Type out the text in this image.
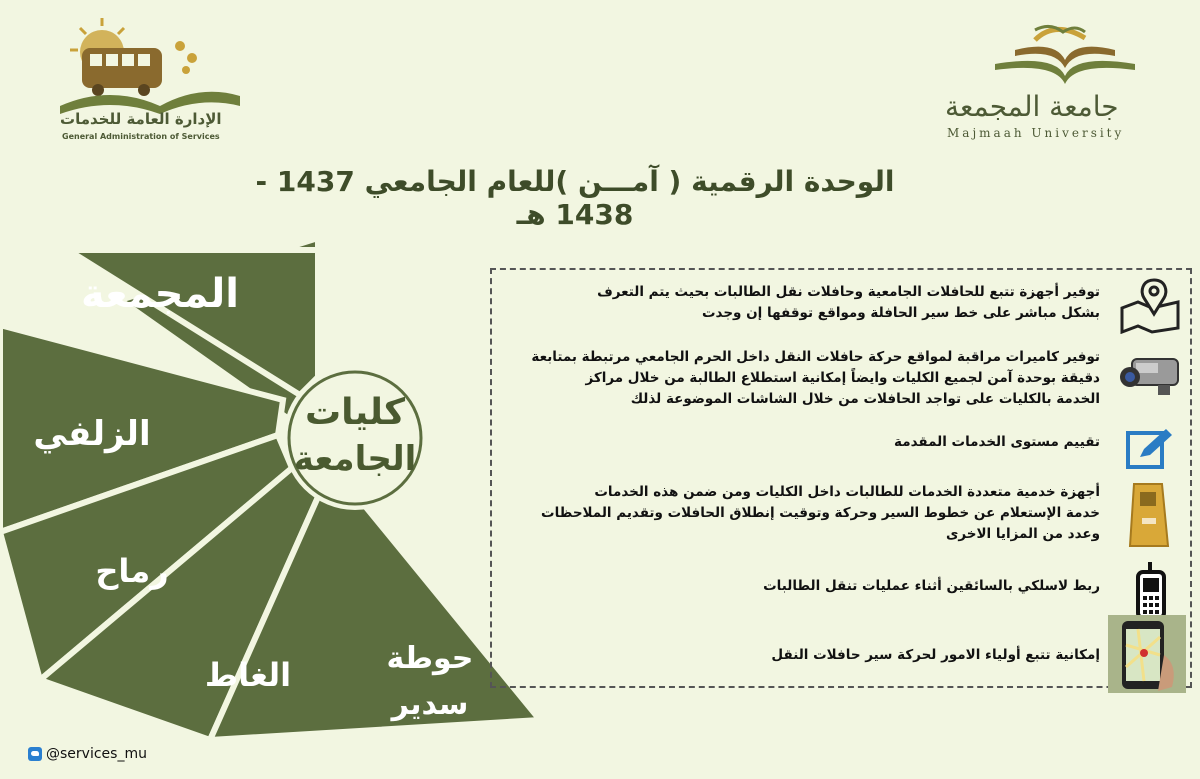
الإدارة العامة للخدمات
General Administration of Services
جامعة المجمعة
Majmaah University
الوحدة الرقمية ( آمـــن )للعام الجامعي 1437 - 1438 هـ
المجمعة
الزلفي
رماح
الغاط	حوطة
سدير
كليات
الجامعة
توفير أجهزة تتبع للحافلات الجامعية وحافلات نقل الطالبات بحيث يتم التعرف
بشكل مباشر على خط سير الحافلة ومواقع توقفها إن وجدت
توفير كاميرات مراقبة لمواقع حركة حافلات النقل داخل الحرم الجامعي مرتبطة بمتابعة
دقيقة بوحدة آمن لجميع الكليات وايضاً إمكانية استطلاع الطالبة من خلال مراكز
الخدمة بالكليات على تواجد الحافلات من خلال الشاشات الموضوعة لذلك
تقييم مستوى الخدمات المقدمة
أجهزة خدمية متعددة الخدمات للطالبات داخل الكليات ومن ضمن هذه الخدمات
خدمة الإستعلام عن خطوط السير وحركة وتوقيت إنطلاق الحافلات وتقديم الملاحظات
وعدد من المزايا الاخرى
ربط لاسلكي بالسائقين أثناء عمليات تنقل الطالبات
إمكانية تتبع أولياء الامور لحركة سير حافلات النقل
@services_mu
